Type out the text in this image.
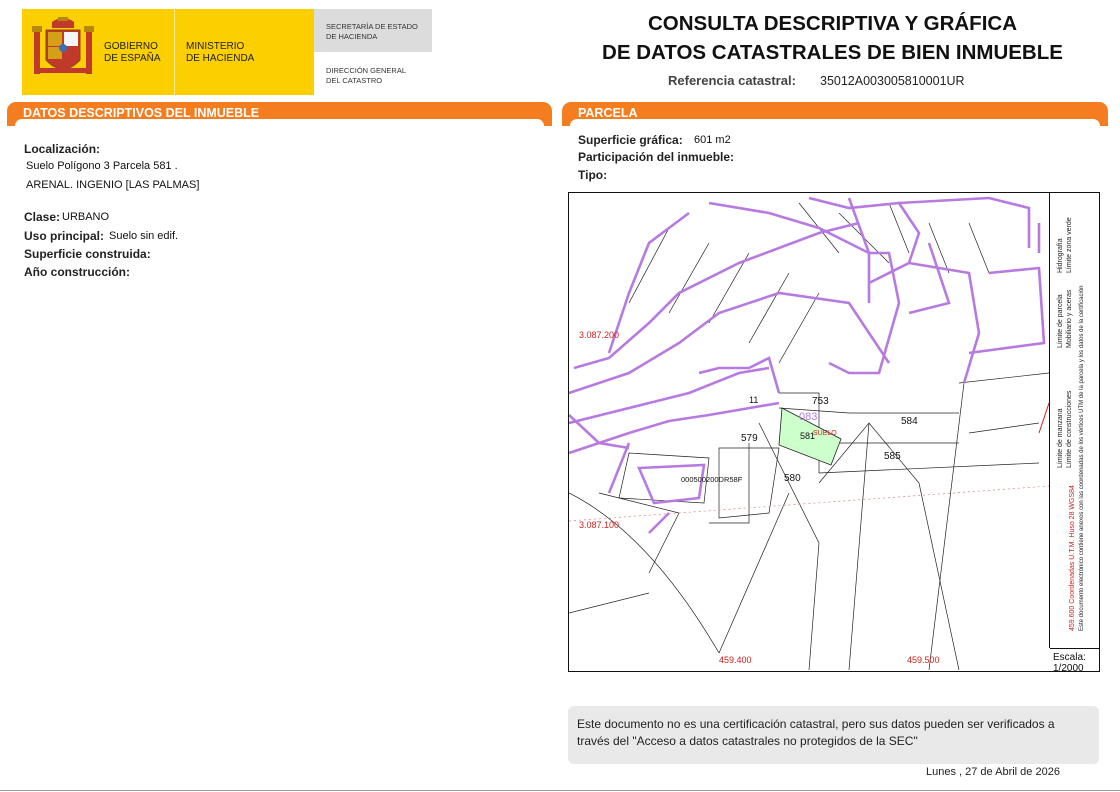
GOBIERNO
DE ESPAÑA
MINISTERIO
DE HACIENDA
SECRETARÍA DE ESTADO
DE HACIENDA
DIRECCIÓN GENERAL
DEL CATASTRO
CONSULTA DESCRIPTIVA Y GRÁFICA
DE DATOS CATASTRALES DE BIEN INMUEBLE
Referencia catastral: 35012A003005810001UR
DATOS DESCRIPTIVOS DEL INMUEBLE
Localización:
Suelo Polígono 3 Parcela 581 .
ARENAL. INGENIO [LAS PALMAS]
Clase: URBANO
Uso principal: Suelo sin edif.
Superficie construida:
Año construcción:
PARCELA
Superficie gráfica: 601 m2
Participación del inmueble:
Tipo:
3.087.200
3.087.100
459.400	459.500
753
584
585
579
580
581
083
11
SUELO
000500200DR58F
459.600 Coordenadas U.T.M. Huso 28 WGS84 Este documento electrónico contiene anexos con las coordenadas de los vértices UTM de la parcela y los datos de la certificación
Límite de manzana
Límite de parcela
Hidrografía
Límite de construcciones
Mobiliario y aceras
Límite zona verde
Escala:
1/2000
Este documento no es una certificación catastral, pero sus datos pueden ser verificados a través del "Acceso a datos catastrales no protegidos de la SEC"
Lunes , 27 de Abril de 2026
